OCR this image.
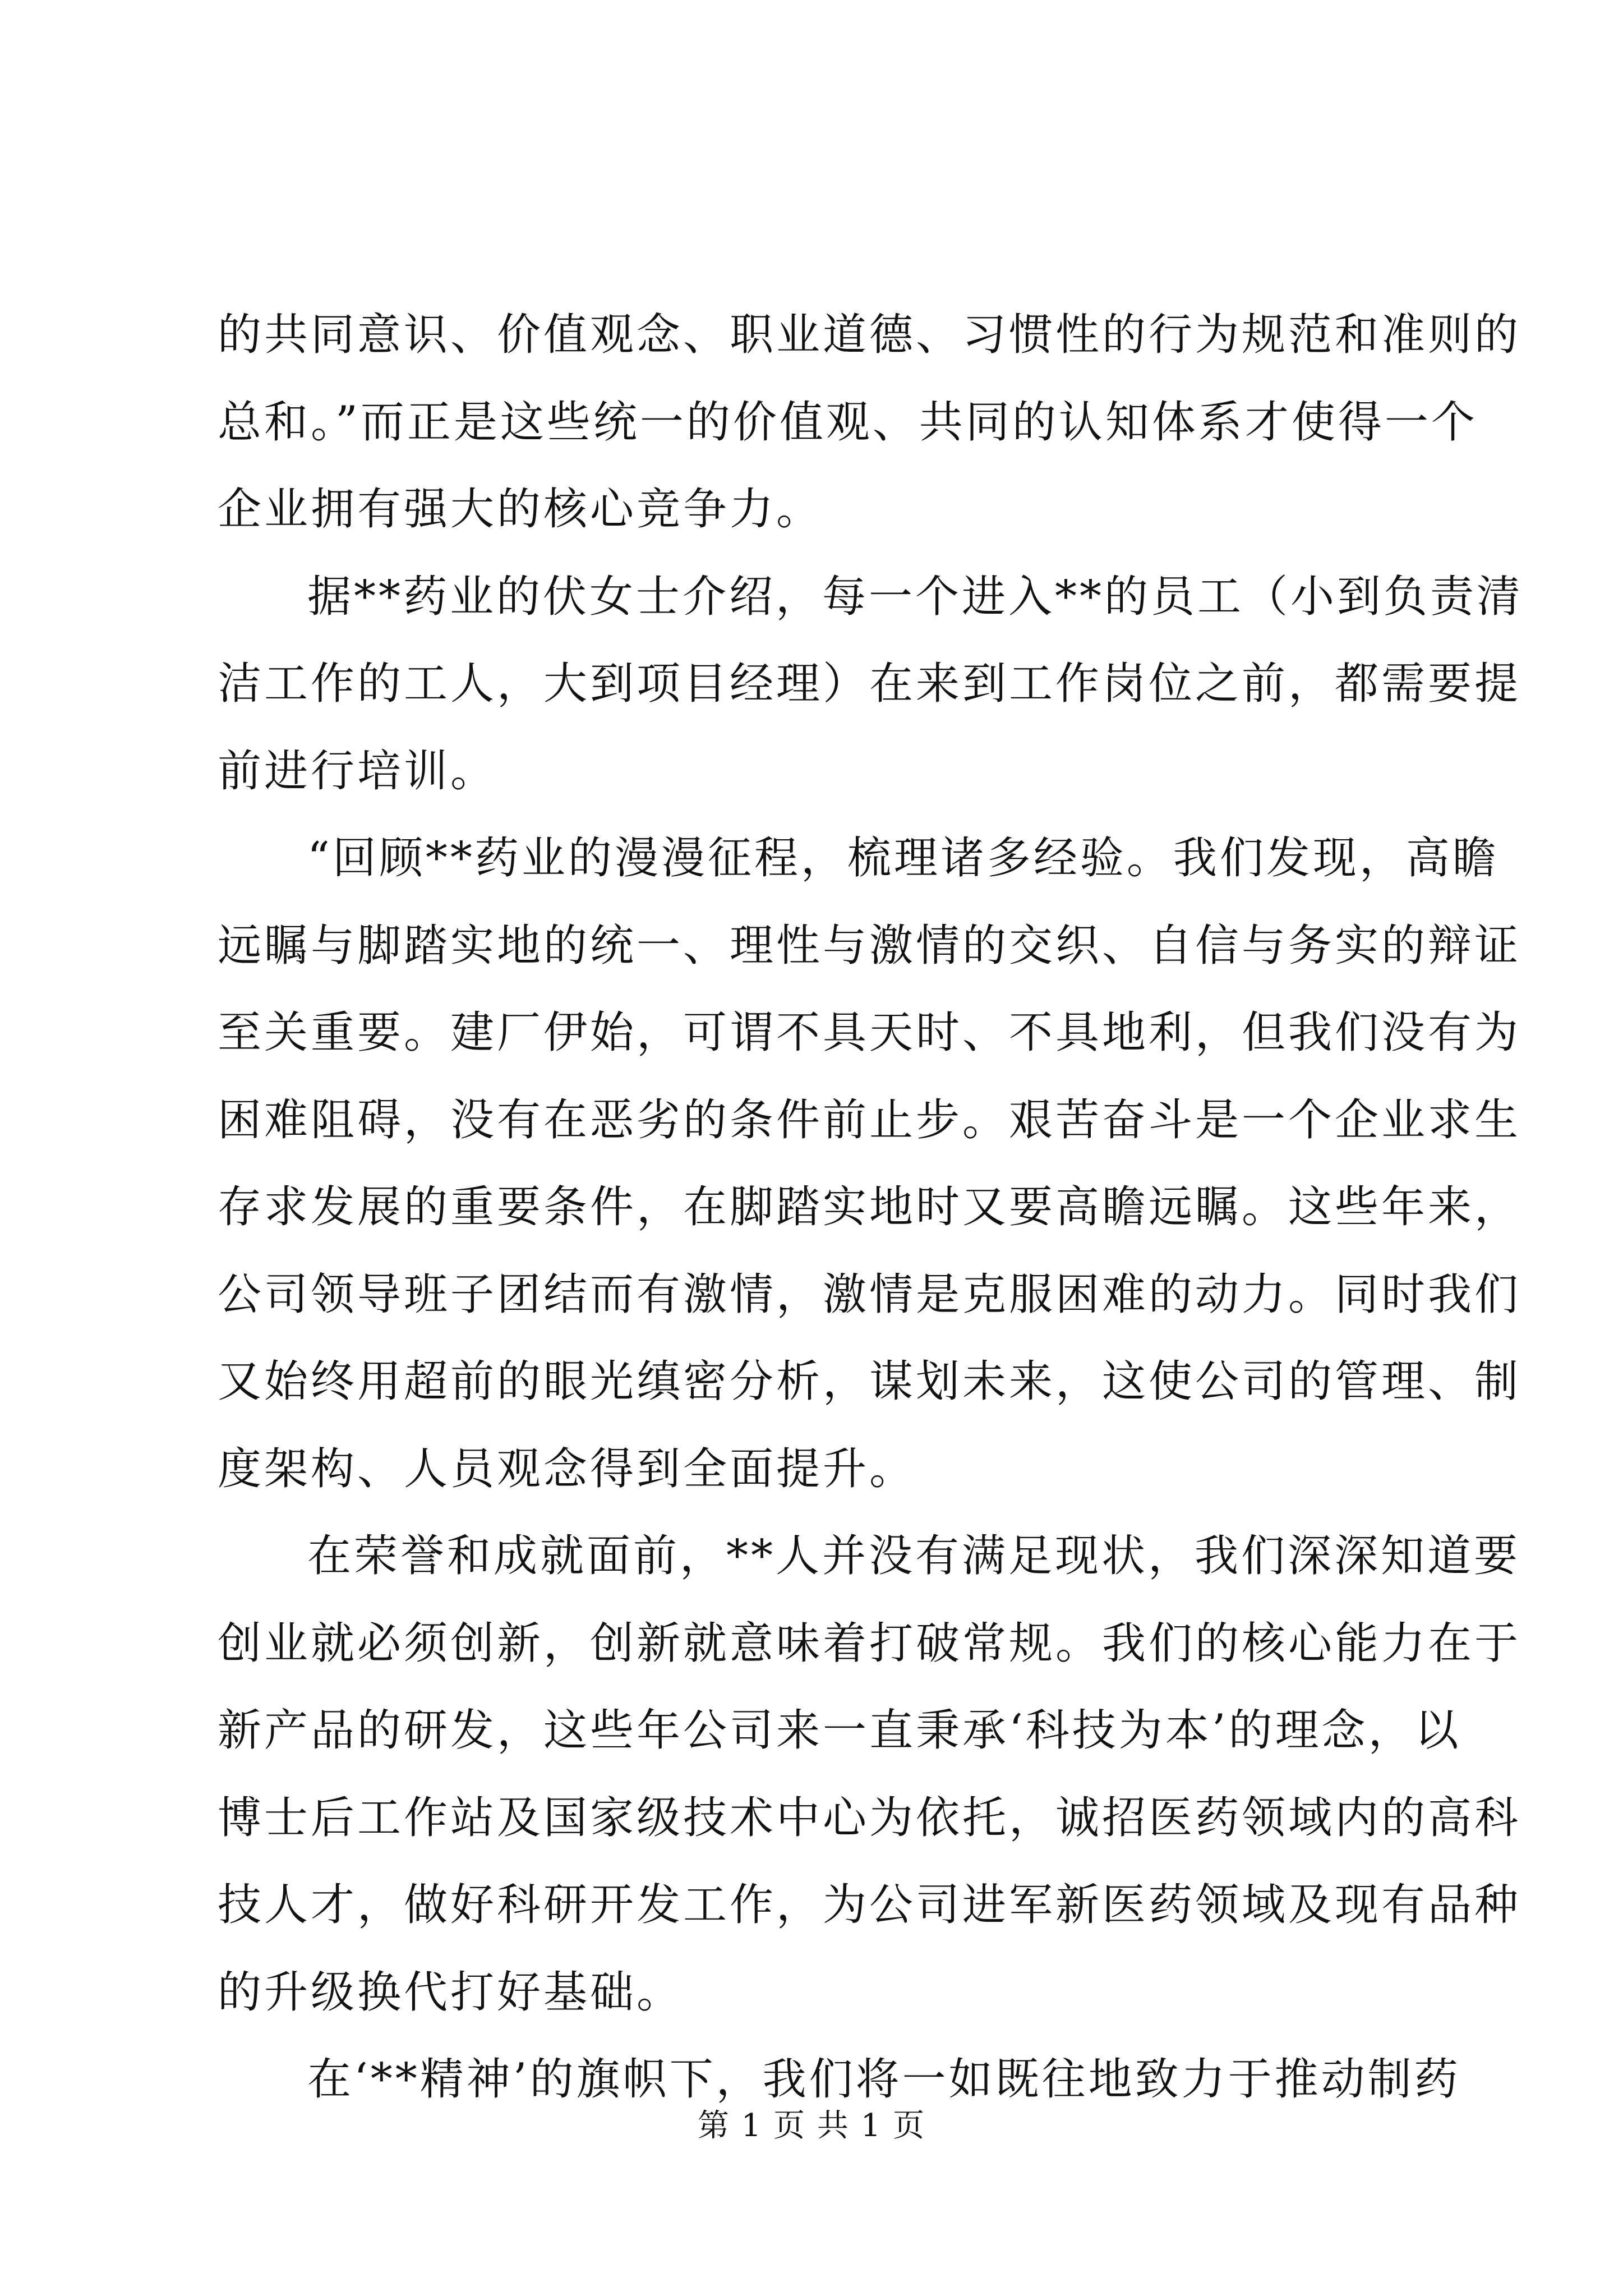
的共同意识、价值观念、职业道德、习惯性的行为规范和准则的
总和。”而正是这些统一的价值观、共同的认知体系才使得一个
企业拥有强大的核心竞争力。
据**药业的伏女士介绍，每一个进入**的员工（小到负责清
洁工作的工人，大到项目经理）在来到工作岗位之前，都需要提
前进行培训。
“回顾**药业的漫漫征程，梳理诸多经验。我们发现，高瞻
远瞩与脚踏实地的统一、理性与激情的交织、自信与务实的辩证
至关重要。建厂伊始，可谓不具天时、不具地利，但我们没有为
困难阻碍，没有在恶劣的条件前止步。艰苦奋斗是一个企业求生
存求发展的重要条件，在脚踏实地时又要高瞻远瞩。这些年来，
公司领导班子团结而有激情，激情是克服困难的动力。同时我们
又始终用超前的眼光缜密分析，谋划未来，这使公司的管理、制
度架构、人员观念得到全面提升。
在荣誉和成就面前，**人并没有满足现状，我们深深知道要
创业就必须创新，创新就意味着打破常规。我们的核心能力在于
新产品的研发，这些年公司来一直秉承‘科技为本’的理念，以
博士后工作站及国家级技术中心为依托，诚招医药领域内的高科
技人才，做好科研开发工作，为公司进军新医药领域及现有品种
的升级换代打好基础。
在‘**精神’的旗帜下，我们将一如既往地致力于推动制药
第 1 页 共 1 页
